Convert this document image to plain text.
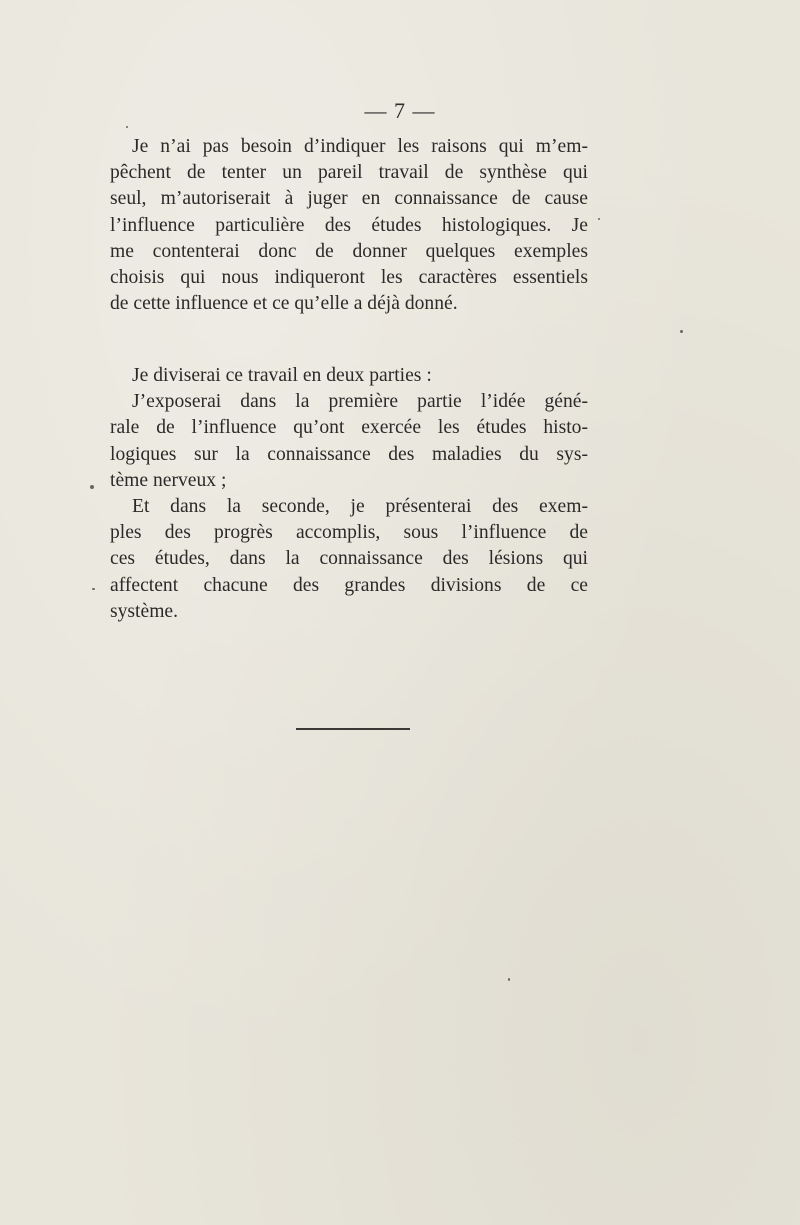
— 7 —
Je n’ai pas besoin d’indiquer les raisons qui m’em-
pêchent de tenter un pareil travail de synthèse qui
seul, m’autoriserait à juger en connaissance de cause
l’influence particulière des études histologiques. Je
me contenterai donc de donner quelques exemples
choisis qui nous indiqueront les caractères essentiels
de cette influence et ce qu’elle a déjà donné.
Je diviserai ce travail en deux parties :
J’exposerai dans la première partie l’idée géné-
rale de l’influence qu’ont exercée les études histo-
logiques sur la connaissance des maladies du sys-
tème nerveux ;
Et dans la seconde, je présenterai des exem-
ples des progrès accomplis, sous l’influence de
ces études, dans la connaissance des lésions qui
affectent chacune des grandes divisions de ce
système.
